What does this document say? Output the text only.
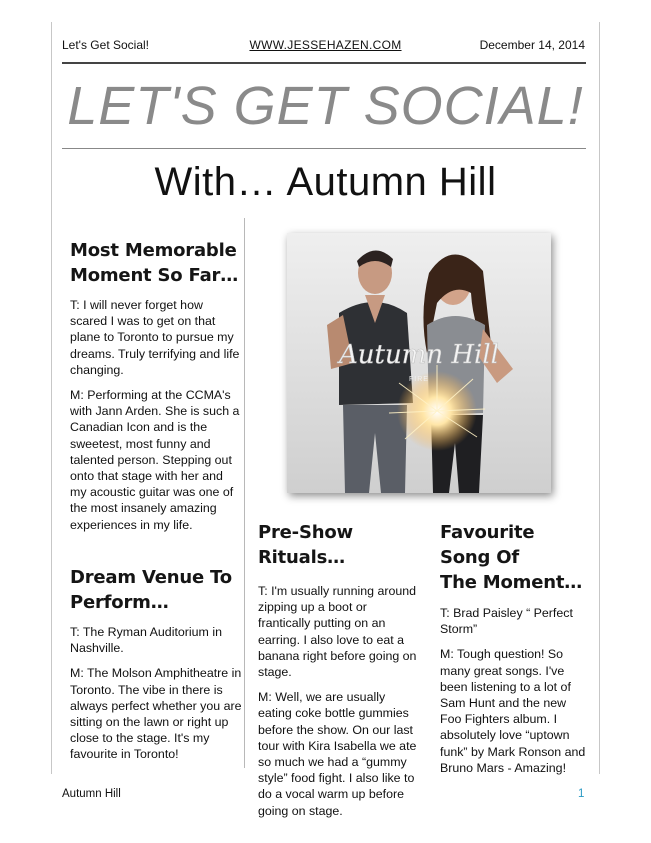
Let's Get Social!	WWW.JESSEHAZEN.COM	December 14, 2014
LET'S GET SOCIAL!
With… Autumn Hill
Most Memorable
Moment So Far…

T: I will never forget how scared I was to get on that plane to Toronto to pursue my dreams. Truly terrifying and life changing.

M: Performing at the CCMA's with Jann Arden. She is such a Canadian Icon and is the sweetest, most funny and talented person. Stepping out onto that stage with her and my acoustic guitar was one of the most insanely amazing experiences in my life.

Dream Venue To
Perform…

T: The Ryman Auditorium in Nashville.

M: The Molson Amphitheatre in Toronto. The vibe in there is always perfect whether you are sitting on the lawn or right up close to the stage. It's my favourite in Toronto!

Autumn Hill
FIRE
Pre-Show Rituals…

T: I'm usually running around zipping up a boot or frantically putting on an earring. I also love to eat a banana right before going on stage.

M: Well, we are usually eating coke bottle gummies before the show. On our last tour with Kira Isabella we ate so much we had a “gummy style” food fight. I also like to do a vocal warm up before going on stage.

Favourite Song Of
The Moment…

T: Brad Paisley “ Perfect Storm”

M: Tough question! So many great songs. I've been listening to a lot of Sam Hunt and the new Foo Fighters album. I absolutely love “uptown funk” by Mark Ronson and Bruno Mars - Amazing!

Autumn Hill	1
